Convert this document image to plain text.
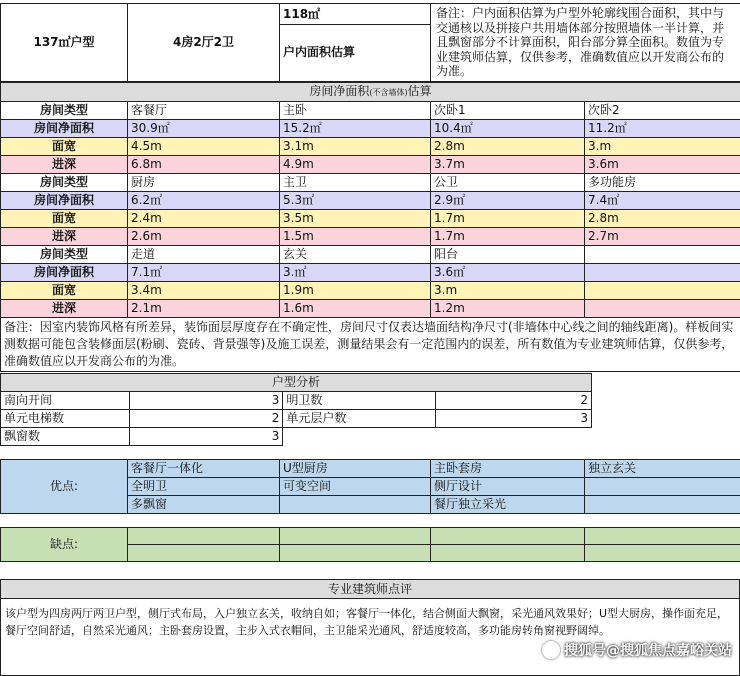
137㎡户型	4房2厅2卫	118㎡	备注：户内面积估算为户型外轮廓线围合面积，其中与交通核以及拼接户共用墙体部分按照墙体一半计算，并且飘窗部分不计算面积，阳台部分算全面积。数值为专业建筑师估算，仅供参考，准确数值应以开发商公布的为准。
户内面积估算
房间净面积(不含墙体)估算				
房间类型	客餐厅	主卧	次卧1	次卧2
房间净面积	30.9㎡	15.2㎡	10.4㎡	11.2㎡
面宽	4.5m	3.1m	2.8m	3.m
进深	6.8m	4.9m	3.7m	3.6m
房间类型	厨房	主卫	公卫	多功能房
房间净面积	6.2㎡	5.3㎡	2.9㎡	7.4㎡
面宽	2.4m	3.5m	1.7m	2.8m
进深	2.6m	1.5m	1.7m	2.7m
房间类型	走道	玄关	阳台	
房间净面积	7.1㎡	3.㎡	3.6㎡	
面宽	3.4m	1.9m	3.m	
进深	2.1m	1.6m	1.2m	
备注：因室内装饰风格有所差异，装饰面层厚度存在不确定性，房间尺寸仅表达墙面结构净尺寸(非墙体中心线之间的轴线距离)。样板间实测数据可能包含装修面层(粉刷、瓷砖、背景强等)及施工误差，测量结果会有一定范围内的误差，所有数值为专业建筑师估算，仅供参考，准确数值应以开发商公布的为准。				
户型分析			
南向开间	3	明卫数	2
单元电梯数	2	单元层户数	3
飘窗数	3		
优点:	客餐厅一体化	U型厨房	主卧套房	独立玄关
	全明卫	可变空间	侧厅设计	
	多飘窗		餐厅独立采光	
缺点:				

专业建筑师点评
该户型为四房两厅两卫户型，侧厅式布局，入户独立玄关，收纳自如；客餐厅一体化，结合侧面大飘窗，采光通风效果好；U型大厨房，操作面充足，餐厅空间舒适，自然采光通风；主卧套房设置，主步入式衣帽间，主卫能采光通风，舒适度较高，多功能房转角窗视野阔绰。
搜狐号@搜狐焦点嘉峪关站
